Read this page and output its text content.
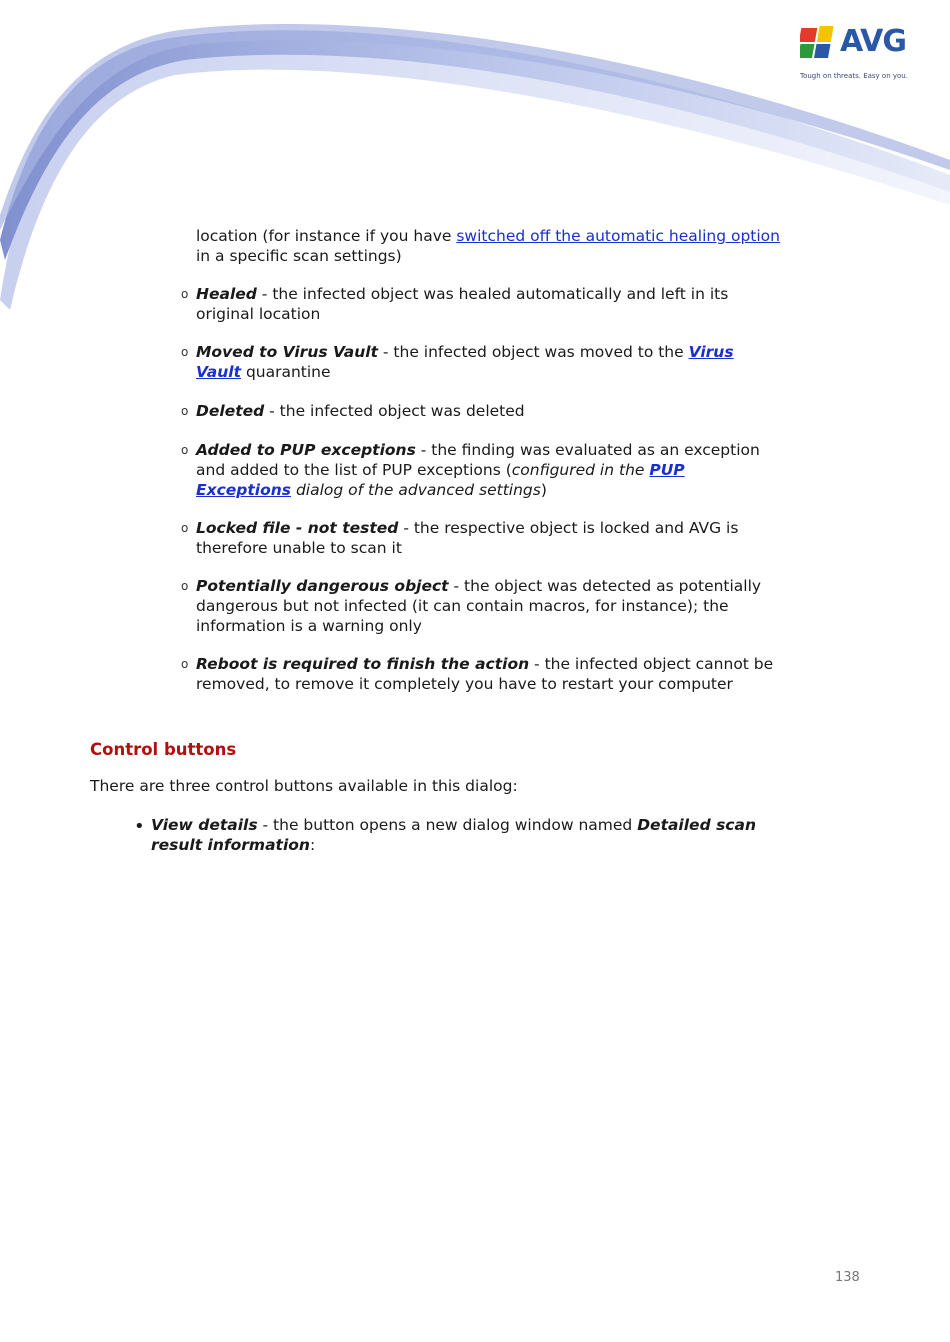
AVG
Tough on threats. Easy on you.
location (for instance if you have switched off the automatic healing option in a specific scan settings)
o Healed - the infected object was healed automatically and left in its original location
o Moved to Virus Vault - the infected object was moved to the Virus Vault quarantine
o Deleted - the infected object was deleted
o Added to PUP exceptions - the finding was evaluated as an exception and added to the list of PUP exceptions (configured in the PUP Exceptions dialog of the advanced settings)
o Locked file - not tested - the respective object is locked and AVG is therefore unable to scan it
o Potentially dangerous object - the object was detected as potentially dangerous but not infected (it can contain macros, for instance); the information is a warning only
o Reboot is required to finish the action - the infected object cannot be removed, to remove it completely you have to restart your computer
Control buttons
There are three control buttons available in this dialog:
• View details - the button opens a new dialog window named Detailed scan result information:
138
